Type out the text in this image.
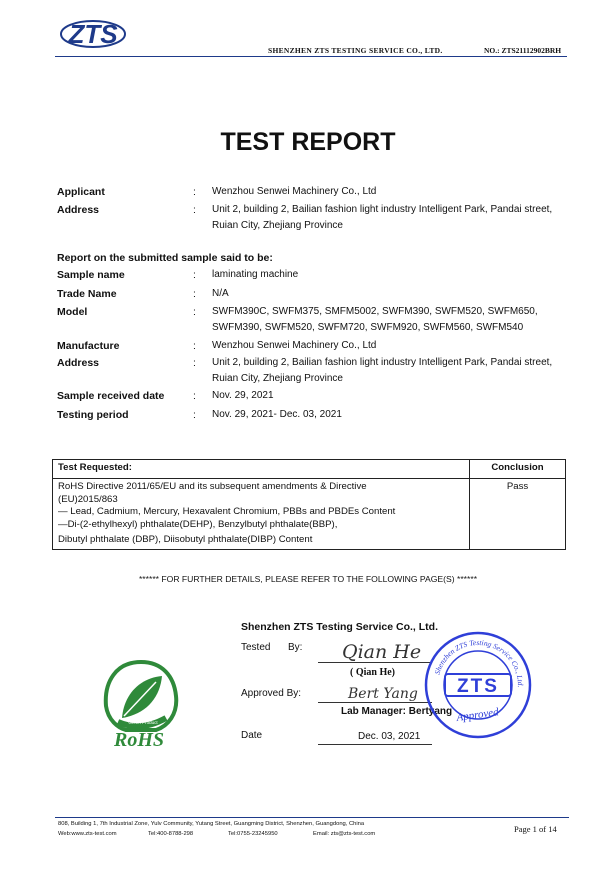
ZTS
SHENZHEN ZTS TESTING SERVICE CO., LTD.	NO.: ZTS21112902BRH
TEST REPORT
Applicant	: Wenzhou Senwei Machinery Co., Ltd
Address	: Unit 2, building 2, Bailian fashion light industry Intelligent Park, Pandai street,
Ruian City, Zhejiang Province
Report on the submitted sample said to be:
Sample name	: laminating machine
Trade Name	: N/A
Model	: SWFM390C, SWFM375, SMFM5002, SWFM390, SWFM520, SWFM650,
SWFM390, SWFM520, SWFM720, SWFM920, SWFM560, SWFM540
Manufacture	: Wenzhou Senwei Machinery Co., Ltd
Address	: Unit 2, building 2, Bailian fashion light industry Intelligent Park, Pandai street,
Ruian City, Zhejiang Province
Sample received date	: Nov. 29, 2021
Testing period	: Nov. 29, 2021- Dec. 03, 2021
Test Requested:	Conclusion

RoHS Directive 2011/65/EU and its subsequent amendments & Directive
(EU)2015/863
— Lead, Cadmium, Mercury, Hexavalent Chromium, PBBs and PBDEs Content
—Di-(2-ethylhexyl) phthalate(DEHP), Benzylbutyl phthalate(BBP),
Dibutyl phthalate (DBP), Diisobutyl phthalate(DIBP) Content	Pass
****** FOR FURTHER DETAILS, PLEASE REFER TO THE FOLLOWING PAGE(S) ******
Green Product
RoHS
Shenzhen ZTS Testing Service Co., Ltd.
Tested By: Qian He
( Qian He)
Approved By:	Bert Yang
Lab Manager: Bertyang
Date	Dec. 03, 2021
Shenzhen ZTS Testing Service Co., Ltd.
ZTS
Approved
808, Building 1, 7th Industrial Zone, Yulv Community, Yutang Street, Guangming District, Shenzhen, Guangdong, China
Web:www.zts-test.com	Tel:400-8788-298	Tel:0755-23245950	Email: zts@zts-test.com	Page 1 of 14
